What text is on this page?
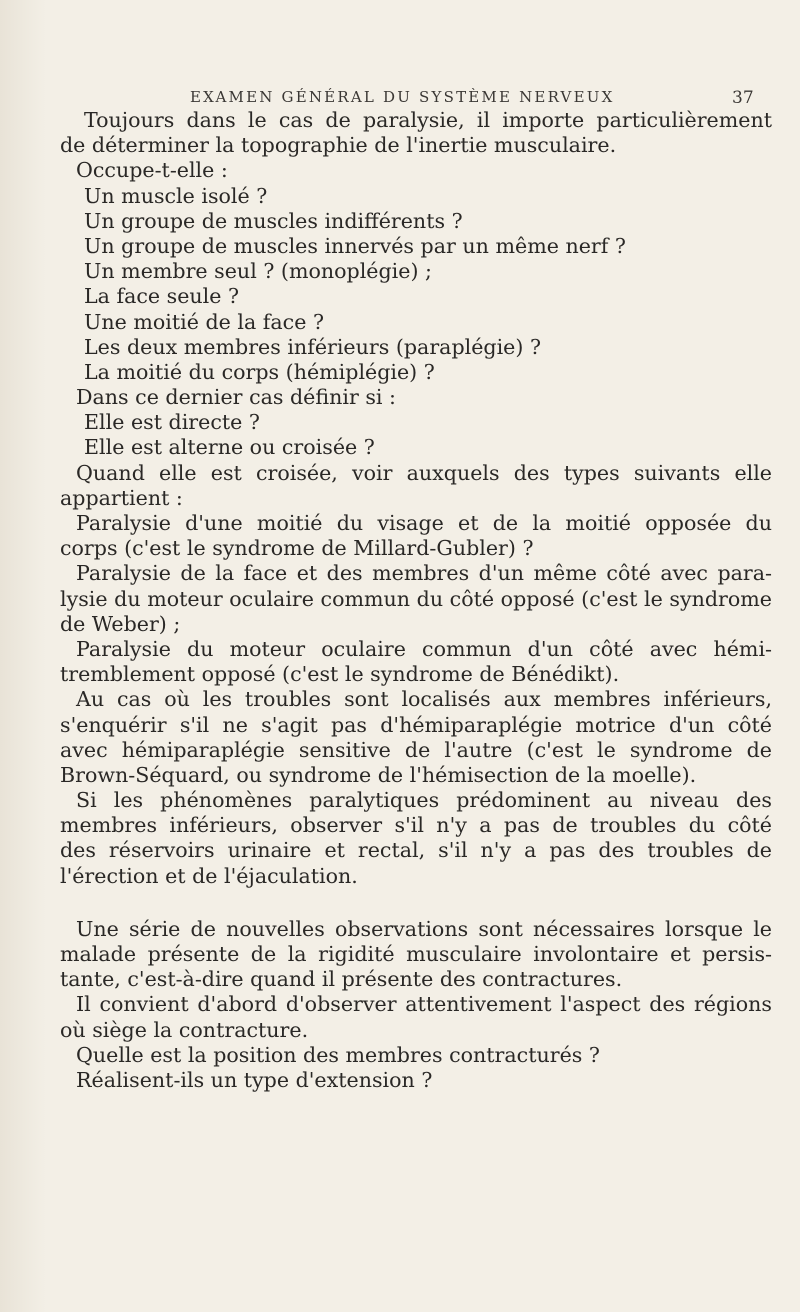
EXAMEN GÉNÉRAL DU SYSTÈME NERVEUX	37
Toujours dans le cas de paralysie, il importe particulièrement
de déterminer la topographie de l'inertie musculaire.
Occupe-t-elle :
Un muscle isolé ?
Un groupe de muscles indifférents ?
Un groupe de muscles innervés par un même nerf ?
Un membre seul ? (monoplégie) ;
La face seule ?
Une moitié de la face ?
Les deux membres inférieurs (paraplégie) ?
La moitié du corps (hémiplégie) ?
Dans ce dernier cas définir si :
Elle est directe ?
Elle est alterne ou croisée ?
Quand elle est croisée, voir auxquels des types suivants elle
appartient :
Paralysie d'une moitié du visage et de la moitié opposée du
corps (c'est le syndrome de Millard-Gubler) ?
Paralysie de la face et des membres d'un même côté avec para-
lysie du moteur oculaire commun du côté opposé (c'est le syndrome
de Weber) ;
Paralysie du moteur oculaire commun d'un côté avec hémi-
tremblement opposé (c'est le syndrome de Bénédikt).
Au cas où les troubles sont localisés aux membres inférieurs,
s'enquérir s'il ne s'agit pas d'hémiparaplégie motrice d'un côté
avec hémiparaplégie sensitive de l'autre (c'est le syndrome de
Brown-Séquard, ou syndrome de l'hémisection de la moelle).
Si les phénomènes paralytiques prédominent au niveau des
membres inférieurs, observer s'il n'y a pas de troubles du côté
des réservoirs urinaire et rectal, s'il n'y a pas des troubles de
l'érection et de l'éjaculation.
Une série de nouvelles observations sont nécessaires lorsque le
malade présente de la rigidité musculaire involontaire et persis-
tante, c'est-à-dire quand il présente des contractures.
Il convient d'abord d'observer attentivement l'aspect des régions
où siège la contracture.
Quelle est la position des membres contracturés ?
Réalisent-ils un type d'extension ?
